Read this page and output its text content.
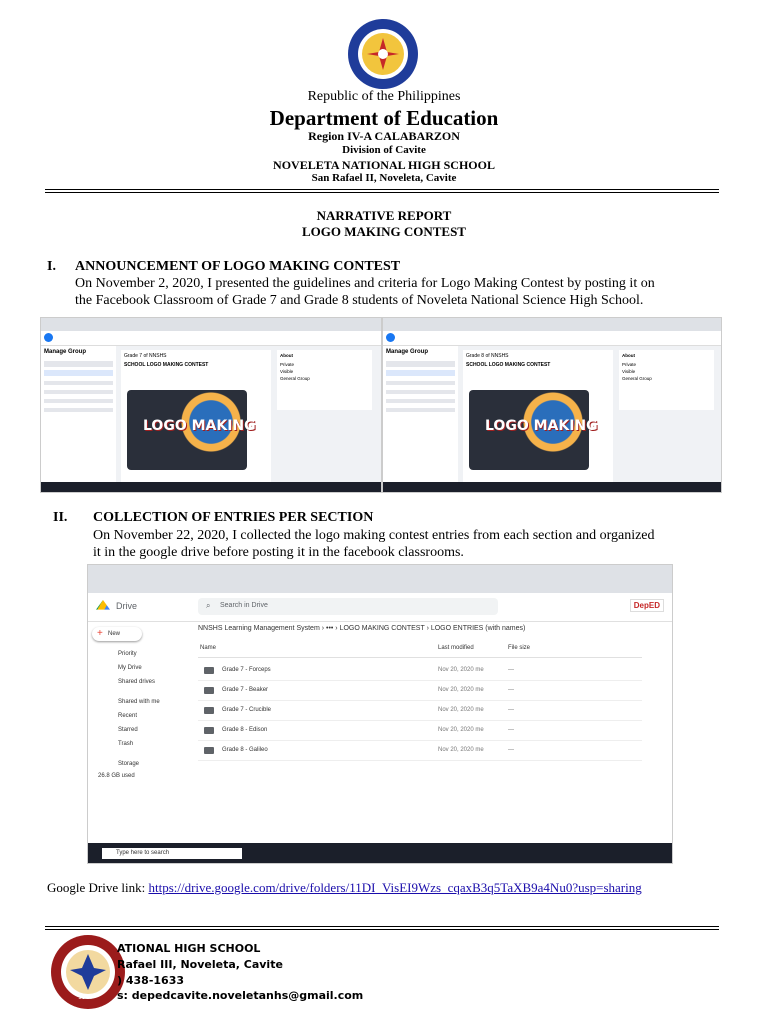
Republic of the Philippines
Department of Education
Region IV-A CALABARZON
Division of Cavite
NOVELETA NATIONAL HIGH SCHOOL
San Rafael II, Noveleta, Cavite
NARRATIVE REPORT
LOGO MAKING CONTEST
I. ANNOUNCEMENT OF LOGO MAKING CONTEST
On November 2, 2020, I presented the guidelines and criteria for Logo Making Contest by posting it on
the Facebook Classroom of Grade 7 and Grade 8 students of Noveleta National Science High School.
Manage Group
Grade 7 of NNSHS
SCHOOL LOGO MAKING CONTEST
LOGO MAKING
About
Private
Visible
General Group
Manage Group
Grade 8 of NNSHS
SCHOOL LOGO MAKING CONTEST
LOGO MAKING
About
Private
Visible
General Group
II. COLLECTION OF ENTRIES PER SECTION
On November 22, 2020, I collected the logo making contest entries from each section and organized
it in the google drive before posting it in the facebook classrooms.
Drive	⌕ Search in Drive	DepED
+ New
Priority
My Drive
Shared drives
Shared with me
Recent
Starred
Trash
Storage
26.8 GB used
NNSHS Learning Management System › ••• › LOGO MAKING CONTEST › LOGO ENTRIES (with names)
Name	Last modified	File size
Grade 7 - Forceps	Nov 20, 2020 me	—
Grade 7 - Beaker	Nov 20, 2020 me	—
Grade 7 - Crucible	Nov 20, 2020 me	—
Grade 8 - Edison	Nov 20, 2020 me	—
Grade 8 - Galileo	Nov 20, 2020 me	—
Type here to search
Google Drive link: https://drive.google.com/drive/folders/11DI_VisEI9Wzs_cqaxB3q5TaXB9a4Nu0?usp=sharing
1967
ATIONAL HIGH SCHOOL
Rafael III, Noveleta, Cavite
) 438-1633
s: depedcavite.noveletanhs@gmail.com
